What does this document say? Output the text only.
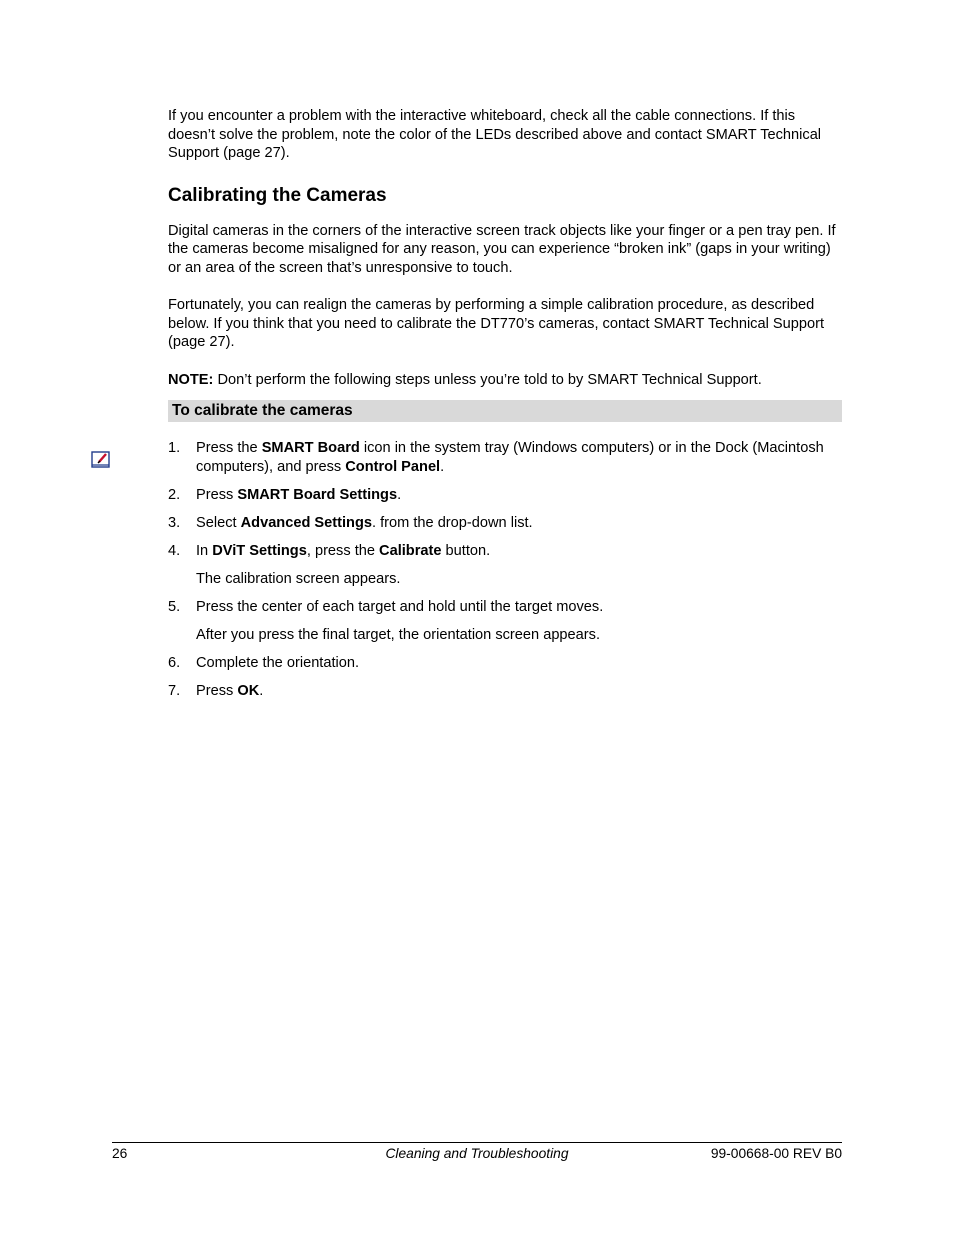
If you encounter a problem with the interactive whiteboard, check all the cable connections. If this doesn’t solve the problem, note the color of the LEDs described above and contact SMART Technical Support (page 27).

Calibrating the Cameras

Digital cameras in the corners of the interactive screen track objects like your finger or a pen tray pen. If the cameras become misaligned for any reason, you can experience “broken ink” (gaps in your writing) or an area of the screen that’s unresponsive to touch.

Fortunately, you can realign the cameras by performing a simple calibration procedure, as described below. If you think that you need to calibrate the DT770’s cameras, contact SMART Technical Support (page 27).

NOTE: Don’t perform the following steps unless you’re told to by SMART Technical Support.

To calibrate the cameras
1.	Press the SMART Board icon in the system tray (Windows computers) or in the Dock (Macintosh computers), and press Control Panel.
2.	Press SMART Board Settings.
3.	Select Advanced Settings. from the drop-down list.
4.	In DViT Settings, press the Calibrate button.

The calibration screen appears.

5.	Press the center of each target and hold until the target moves.

After you press the final target, the orientation screen appears.

6.	Complete the orientation.
7.	Press OK.
26	Cleaning and Troubleshooting	99-00668-00 REV B0
